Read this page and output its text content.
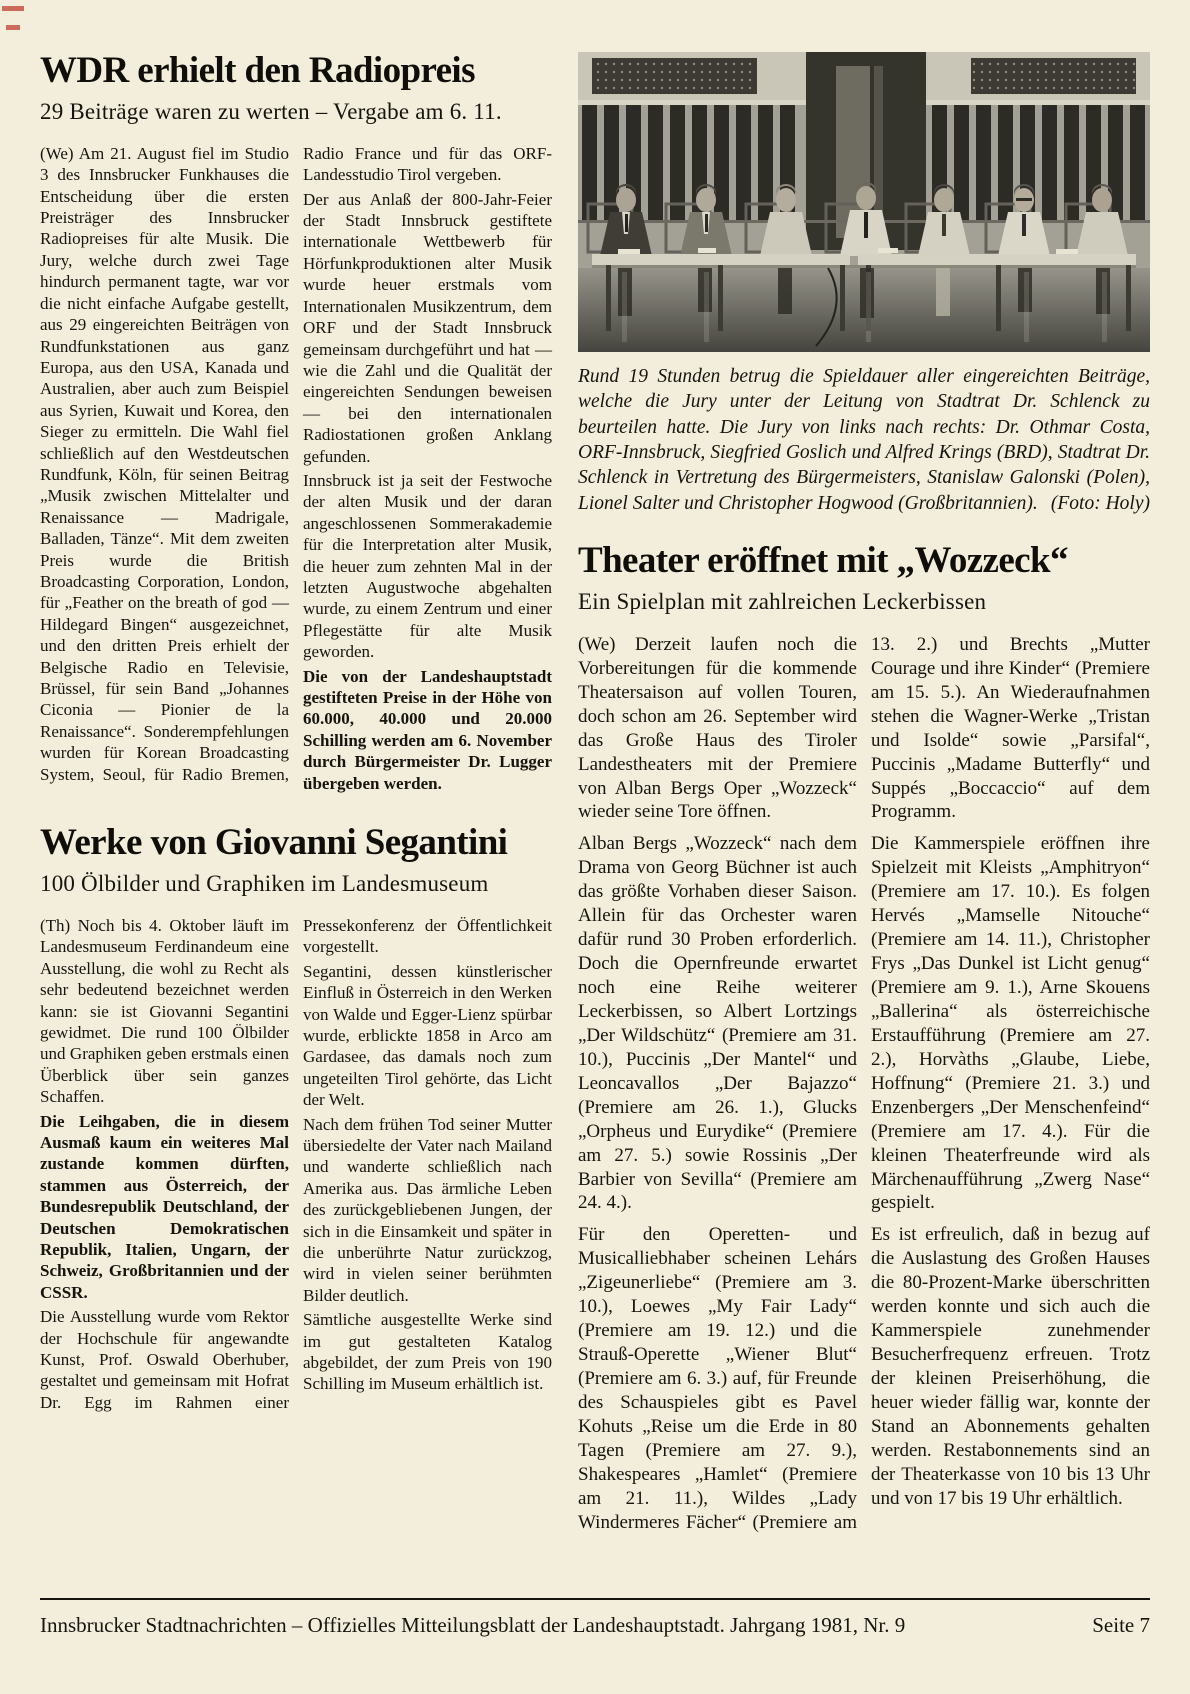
WDR erhielt den Radiopreis
29 Beiträge waren zu werten – Vergabe am 6. 11.

(We) Am 21. August fiel im Studio 3 des Innsbrucker Funkhauses die Entscheidung über die ersten Preisträger des Innsbrucker Radiopreises für alte Musik. Die Jury, welche durch zwei Tage hindurch permanent tagte, war vor die nicht einfache Aufgabe gestellt, aus 29 eingereichten Beiträgen von Rundfunkstationen aus ganz Europa, aus den USA, Kanada und Australien, aber auch zum Beispiel aus Syrien, Kuwait und Korea, den Sieger zu ermitteln. Die Wahl fiel schließlich auf den Westdeutschen Rundfunk, Köln, für seinen Beitrag „Musik zwischen Mittelalter und Renaissance — Madrigale, Balladen, Tänze“. Mit dem zweiten Preis wurde die British Broadcasting Corporation, London, für „Feather on the breath of god — Hildegard Bingen“ ausgezeichnet, und den dritten Preis erhielt der Belgische Radio en Televisie, Brüssel, für sein Band „Johannes Ciconia — Pionier de la Renaissance“. Sonderempfehlungen wurden für Korean Broadcasting System, Seoul, für Radio Bremen, Radio France und für das ORF-Landesstudio Tirol vergeben.

Der aus Anlaß der 800-Jahr-Feier der Stadt Innsbruck gestiftete internationale Wettbewerb für Hörfunkproduktionen alter Musik wurde heuer erstmals vom Internationalen Musikzentrum, dem ORF und der Stadt Innsbruck gemeinsam durchgeführt und hat — wie die Zahl und die Qualität der eingereichten Sendungen beweisen — bei den internationalen Radiostationen großen Anklang gefunden.

Innsbruck ist ja seit der Festwoche der alten Musik und der daran angeschlossenen Sommerakademie für die Interpretation alter Musik, die heuer zum zehnten Mal in der letzten Augustwoche abgehalten wurde, zu einem Zentrum und einer Pflegestätte für alte Musik geworden.

Die von der Landeshauptstadt gestifteten Preise in der Höhe von 60.000, 40.000 und 20.000 Schilling werden am 6. November durch Bürgermeister Dr. Lugger übergeben werden.

Werke von Giovanni Segantini
100 Ölbilder und Graphiken im Landesmuseum

(Th) Noch bis 4. Oktober läuft im Landesmuseum Ferdinandeum eine Ausstellung, die wohl zu Recht als sehr bedeutend bezeichnet werden kann: sie ist Giovanni Segantini gewidmet. Die rund 100 Ölbilder und Graphiken geben erstmals einen Überblick über sein ganzes Schaffen.

Die Leihgaben, die in diesem Ausmaß kaum ein weiteres Mal zustande kommen dürften, stammen aus Österreich, der Bundesrepublik Deutschland, der Deutschen Demokratischen Republik, Italien, Ungarn, der Schweiz, Großbritannien und der CSSR.

Die Ausstellung wurde vom Rektor der Hochschule für angewandte Kunst, Prof. Oswald Oberhuber, gestaltet und gemeinsam mit Hofrat Dr. Egg im Rahmen einer Pressekonferenz der Öffentlichkeit vorgestellt.

Segantini, dessen künstlerischer Einfluß in Österreich in den Werken von Walde und Egger-Lienz spürbar wurde, erblickte 1858 in Arco am Gardasee, das damals noch zum ungeteilten Tirol gehörte, das Licht der Welt.

Nach dem frühen Tod seiner Mutter übersiedelte der Vater nach Mailand und wanderte schließlich nach Amerika aus. Das ärmliche Leben des zurückgebliebenen Jungen, der sich in die Einsamkeit und später in die unberührte Natur zurückzog, wird in vielen seiner berühmten Bilder deutlich.

Sämtliche ausgestellte Werke sind im gut gestalteten Katalog abgebildet, der zum Preis von 190 Schilling im Museum erhältlich ist.

Rund 19 Stunden betrug die Spieldauer aller eingereichten Beiträge, welche die Jury unter der Leitung von Stadtrat Dr. Schlenck zu beurteilen hatte. Die Jury von links nach rechts: Dr. Othmar Costa, ORF-Innsbruck, Siegfried Goslich und Alfred Krings (BRD), Stadtrat Dr. Schlenck in Vertretung des Bürgermeisters, Stanislaw Galonski (Polen), Lionel Salter und Christopher Hogwood (Großbritannien). (Foto: Holy)

Theater eröffnet mit „Wozzeck“
Ein Spielplan mit zahlreichen Leckerbissen

(We) Derzeit laufen noch die Vorbereitungen für die kommende Theatersaison auf vollen Touren, doch schon am 26. September wird das Große Haus des Tiroler Landestheaters mit der Premiere von Alban Bergs Oper „Wozzeck“ wieder seine Tore öffnen.

Alban Bergs „Wozzeck“ nach dem Drama von Georg Büchner ist auch das größte Vorhaben dieser Saison. Allein für das Orchester waren dafür rund 30 Proben erforderlich. Doch die Opernfreunde erwartet noch eine Reihe weiterer Leckerbissen, so Albert Lortzings „Der Wildschütz“ (Premiere am 31. 10.), Puccinis „Der Mantel“ und Leoncavallos „Der Bajazzo“ (Premiere am 26. 1.), Glucks „Orpheus und Eurydike“ (Premiere am 27. 5.) sowie Rossinis „Der Barbier von Sevilla“ (Premiere am 24. 4.).

Für den Operetten- und Musicalliebhaber scheinen Lehárs „Zigeunerliebe“ (Premiere am 3. 10.), Loewes „My Fair Lady“ (Premiere am 19. 12.) und die Strauß-Operette „Wiener Blut“ (Premiere am 6. 3.) auf, für Freunde des Schauspieles gibt es Pavel Kohuts „Reise um die Erde in 80 Tagen (Premiere am 27. 9.), Shakespeares „Hamlet“ (Premiere am 21. 11.), Wildes „Lady Windermeres Fächer“ (Premiere am 13. 2.) und Brechts „Mutter Courage und ihre Kinder“ (Premiere am 15. 5.). An Wiederaufnahmen stehen die Wagner-Werke „Tristan und Isolde“ sowie „Parsifal“, Puccinis „Madame Butterfly“ und Suppés „Boccaccio“ auf dem Programm.

Die Kammerspiele eröffnen ihre Spielzeit mit Kleists „Amphitryon“ (Premiere am 17. 10.). Es folgen Hervés „Mamselle Nitouche“ (Premiere am 14. 11.), Christopher Frys „Das Dunkel ist Licht genug“ (Premiere am 9. 1.), Arne Skouens „Ballerina“ als österreichische Erstaufführung (Premiere am 27. 2.), Horvàths „Glaube, Liebe, Hoffnung“ (Premiere 21. 3.) und Enzenbergers „Der Menschenfeind“ (Premiere am 17. 4.). Für die kleinen Theaterfreunde wird als Märchenaufführung „Zwerg Nase“ gespielt.

Es ist erfreulich, daß in bezug auf die Auslastung des Großen Hauses die 80-Prozent-Marke überschritten werden konnte und sich auch die Kammerspiele zunehmender Besucherfrequenz erfreuen. Trotz der kleinen Preiserhöhung, die heuer wieder fällig war, konnte der Stand an Abonnements gehalten werden. Restabonnements sind an der Theaterkasse von 10 bis 13 Uhr und von 17 bis 19 Uhr erhältlich.

Innsbrucker Stadtnachrichten – Offizielles Mitteilungsblatt der Landeshauptstadt. Jahrgang 1981, Nr. 9	Seite 7
